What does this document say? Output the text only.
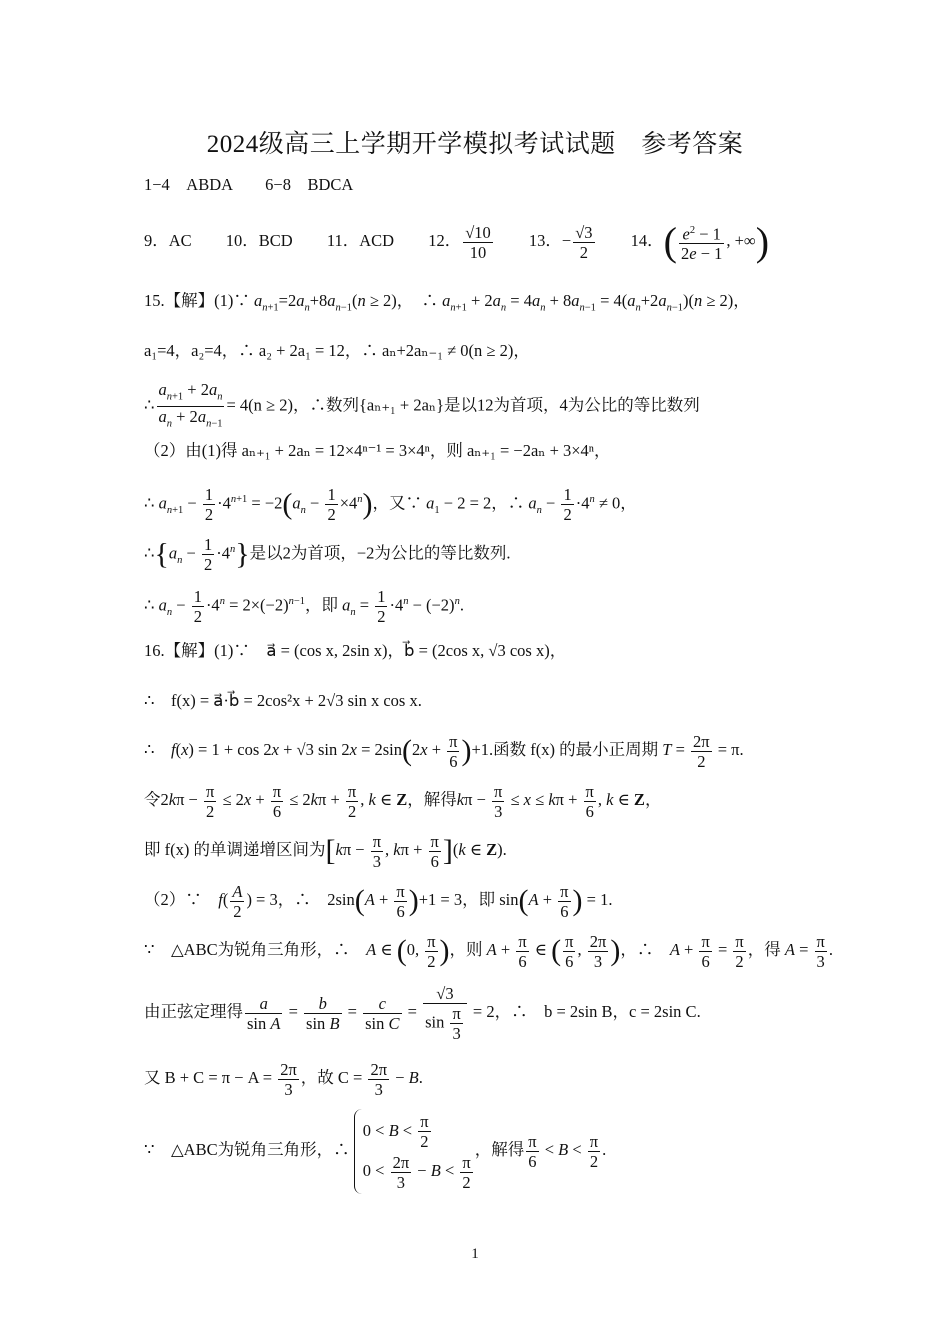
2024级高三上学期开学模拟考试试题　参考答案
1−4　ABDA　　6−8　BDCA
9．AC 10．BCD 11．ACD 12． $\frac{√10}{10} 13$．− $\frac{√3}{2} 14$．( $\frac{e^2 - 1}{2e - 1}$ , +∞)
15.【解】(1)∵ $a_{n+1}=2a_n+8a_{n-1}(n \ge 2)$，　∴ $a_{n+1} + 2a_n = 4a_n + 8a_{n-1} = 4(a_n+2a_{n-1})(n \ge 2)$，
a₁=4，a₂=4，∴ a₂ + 2a₁ = 12，∴ aₙ+2aₙ₋₁ ≠ 0(n ≥ 2)，
∴ $\frac{a_{n+1} + 2a_n}{a_n + 2a_{n-1}} = 4(n \ge 2)$，∴数列{aₙ₊₁ + 2aₙ}是以12为首项，4为公比的等比数列
（2）由(1)得 aₙ₊₁ + 2aₙ = 12×4ⁿ⁻¹ = 3×4ⁿ，则 aₙ₊₁ = −2aₙ + 3×4ⁿ，
∴ $a_{n+1} - \frac{1}{2} \cdot 4^{n+1} = -2(a_n - \frac{1}{2} \times 4^n)$，又∵ $a_1 - 2 = 2$，∴ $a_n - \frac{1}{2} \cdot 4^n \ne 0$，
$\therefore\{a_n - \frac{1}{2} \cdot 4^n\}$是以2为首项，−2为公比的等比数列.
∴ $a_n - \frac{1}{2} \cdot 4^n = 2\times(-2)^{n-1}$，即 $a_n = \frac{1}{2} \cdot 4^n - (-2)^n$.
16.【解】(1)∵　a⃗ = (cos x, 2sin x)，b⃗ = (2cos x, √3 cos x)，
∴　f(x) = a⃗·b⃗ = 2cos²x + 2√3 sin x cos x.
∴　f(x) = 1 + cos 2x + √3 $\sin 2x = 2\sin(2x + \frac{\pi}{6} )+1$.函数 f(x) 的最小正周期 $T = \frac{2\pi}{2} = \pi$.
令$2k\pi - \frac{\pi}{2} \le 2x + \frac{\pi}{6} \le 2k\pi + \frac{\pi}{2}$ , k ∈ Z，解得$k\pi - \frac{\pi}{3} \le x \le k\pi + \frac{\pi}{6}$ , k ∈ Z，
即 f(x) 的单调递增区间为[$k\pi - \frac{\pi}{3}$ , $k\pi + \frac{\pi}{6} ](k$ ∈ Z).
（2）∵　 $f( \frac{A}{2}$ ) = 3，∴　$2\sin(A + \frac{\pi}{6} )+1 = 3$，即 $\sin(A + \frac{\pi}{6}$ ) = 1.
∵　△ABC为锐角三角形，∴　 A ∈ (0, $\frac{\pi}{2}$ )，则 $A + \frac{\pi}{6}$ ∈ ( $\frac{\pi}{6}$ , $\frac{2\pi}{3}$ )，∴　$A + \frac{\pi}{6} = \frac{\pi}{2}$ ，得 $A = \frac{\pi}{3}$ .
由正弦定理得 $\frac{a}{\text{sin A}} = \frac{b}{\text{sin B}} = \frac{c}{\text{sin C}} = \frac{√3}{\sin \frac{\pi}{3}} = 2$，∴　b = 2sin B，c = 2sin C.
又 $B + C = \pi - A = \frac{2\pi}{3}$ ，故 $C = \frac{2\pi}{3} - B$.
∵　△ABC为锐角三角形，∴
$0 < B < \frac{\pi}{2}$
$0 < \frac{2\pi}{3} - B < \frac{\pi}{2}$
，解得 $\frac{\pi}{6} < B < \frac{\pi}{2}$ .
1
